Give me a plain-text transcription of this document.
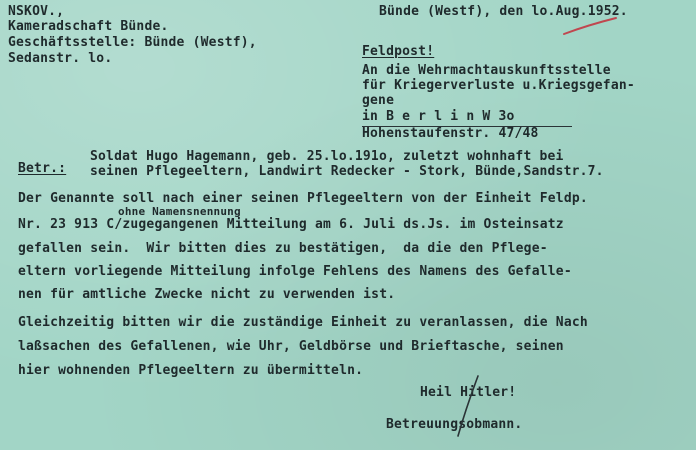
NSKOV.,
Kameradschaft Bünde.
Geschäftsstelle: Bünde (Westf),
Sedanstr. lo.
Bünde (Westf), den lo.Aug.1952.
Feldpost!
An die Wehrmachtauskunftsstelle
für Kriegerverluste u.Kriegsgefan-
gene
in B e r l i n W 3o
Hohenstaufenstr. 47/48
Betr.:
Soldat Hugo Hagemann, geb. 25.lo.191o, zuletzt wohnhaft bei
seinen Pflegeeltern, Landwirt Redecker - Stork, Bünde,Sandstr.7.
Der Genannte soll nach einer seinen Pflegeeltern von der Einheit Feldp.
ohne Namensnennung
Nr. 23 913 C/zugegangenen Mitteilung am 6. Juli ds.Js. im Osteinsatz
gefallen sein.  Wir bitten dies zu bestätigen,  da die den Pflege-
eltern vorliegende Mitteilung infolge Fehlens des Namens des Gefalle-
nen für amtliche Zwecke nicht zu verwenden ist.
Gleichzeitig bitten wir die zuständige Einheit zu veranlassen, die Nach
laßsachen des Gefallenen, wie Uhr, Geldbörse und Brieftasche, seinen
hier wohnenden Pflegeeltern zu übermitteln.
Heil Hitler!
Betreuungsobmann.
